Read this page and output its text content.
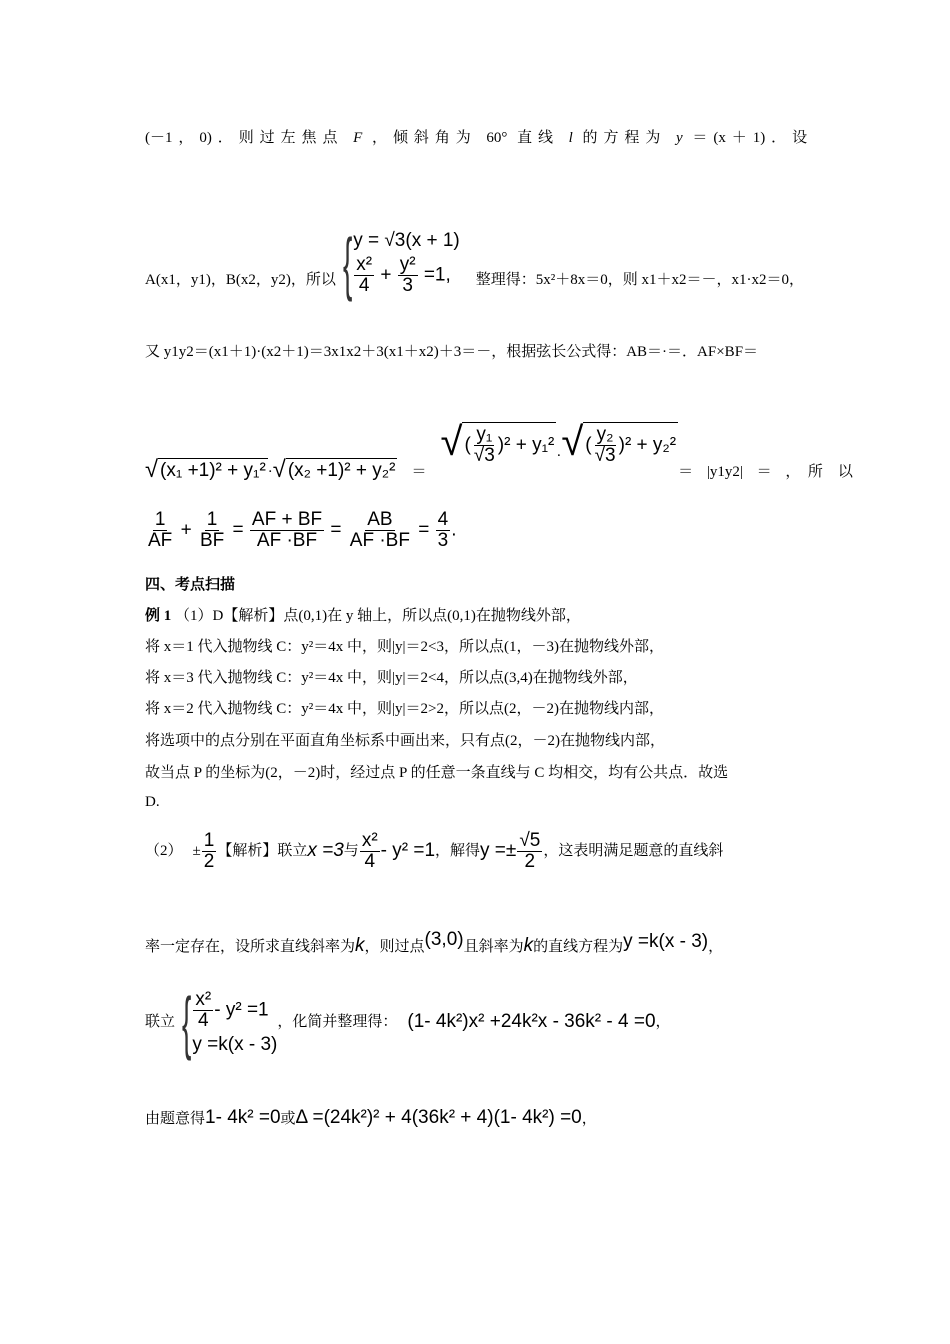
(－1，0)．则过左焦点 F ，倾斜角为 60° 直线 l 的方程为 y ＝(x＋1)．设
A(x1，y1)，B(x2，y2)，所以 { y = √3(x + 1)
$\frac{\text{x²}}{4} + \frac{\text{y²}}{3} =1$,	整理得：5x²＋8x＝0，则 x1＋x2＝－，x1·x2＝0，
又 y1y2＝(x1＋1)·(x2＋1)＝3x1x2＋3(x1＋x2)＋3＝－，根据弦长公式得：AB＝·＝．AF×BF＝
√ (x₁ +1)² + y₁² · √ (x₂ +1)² + y₂² ＝
√ ( $\frac{\text{y₁}}{√3} )^2 + y_1^2$
· √ ( $\frac{\text{y₂}}{√3} )^2 + y_2^2$
＝ |y1y2| ＝ ，　所　以
$\frac{1}{AF} + \frac{1}{BF} = \frac{AF + BF}{AF \cdot BF} = \frac{AB}{AF \cdot BF} = \frac{4}{3}$ .
四、考点扫描
例 1 （1）D【解析】点(0,1)在 y 轴上，所以点(0,1)在抛物线外部，
将 x＝1 代入抛物线 C：y²＝4x 中，则|y|＝2<3，所以点(1，－3)在抛物线外部，
将 x＝3 代入抛物线 C：y²＝4x 中，则|y|＝2<4，所以点(3,4)在抛物线外部，
将 x＝2 代入抛物线 C：y²＝4x 中，则|y|＝2>2，所以点(2，－2)在抛物线内部，
将选项中的点分别在平面直角坐标系中画出来，只有点(2，－2)在抛物线内部，
故当点 P 的坐标为(2，－2)时，经过点 P 的任意一条直线与 C 均相交，均有公共点．故选
D.
$(2) \pm \frac{1}{2}$ 【解析】联立 x =3 与 $\frac{\text{x²}}{4} - y^2 =1$ ，解得 $y =\pm \frac{√5}{2}$ ，这表明满足题意的直线斜
率一定存在，设所求直线斜率为k，则过点(3,0)且斜率为k的直线方程为y =k(x - 3)，
联立 { $\frac{\text{x²}}{4} - y^2 =1$
y =k(x - 3)
，化简并整理得： (1- 4k²)x² +24k²x - 36k² - 4 =0 ，
由题意得1- 4k² =0或Δ =(24k²)² + 4(36k² + 4)(1- 4k²) =0，
